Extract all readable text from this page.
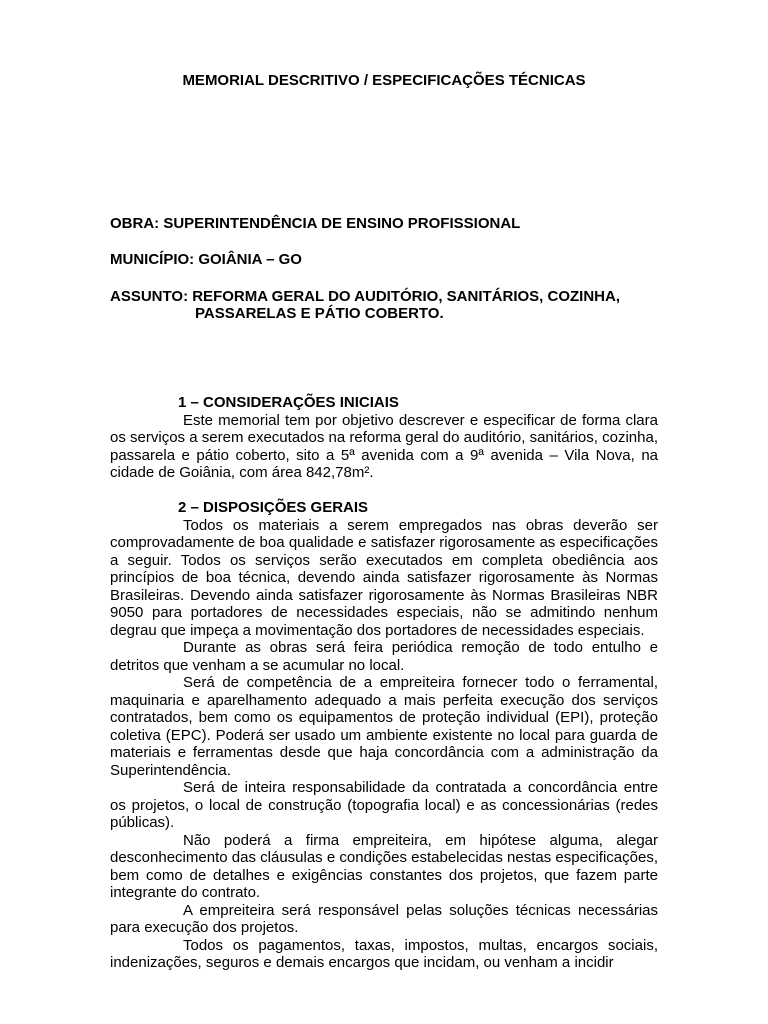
MEMORIAL DESCRITIVO / ESPECIFICAÇÕES TÉCNICAS
OBRA: SUPERINTENDÊNCIA DE ENSINO PROFISSIONAL
MUNICÍPIO: GOIÂNIA – GO
ASSUNTO: REFORMA GERAL DO AUDITÓRIO, SANITÁRIOS, COZINHA,
PASSARELAS E PÁTIO COBERTO.
1 – CONSIDERAÇÕES INICIAIS

Este memorial tem por objetivo descrever e especificar de forma clara os serviços a serem executados na reforma geral do auditório, sanitários, cozinha, passarela e pátio coberto, sito a 5ª avenida com a 9ª avenida – Vila Nova, na cidade de Goiânia, com área 842,78m².

2 – DISPOSIÇÕES GERAIS

Todos os materiais a serem empregados nas obras deverão ser comprovadamente de boa qualidade e satisfazer rigorosamente as especificações a seguir. Todos os serviços serão executados em completa obediência aos princípios de boa técnica, devendo ainda satisfazer rigorosamente às Normas Brasileiras. Devendo ainda satisfazer rigorosamente às Normas Brasileiras NBR 9050 para portadores de necessidades especiais, não se admitindo nenhum degrau que impeça a movimentação dos portadores de necessidades especiais.

Durante as obras será feira periódica remoção de todo entulho e detritos que venham a se acumular no local.

Será de competência de a empreiteira fornecer todo o ferramental, maquinaria e aparelhamento adequado a mais perfeita execução dos serviços contratados, bem como os equipamentos de proteção individual (EPI), proteção coletiva (EPC). Poderá ser usado um ambiente existente no local para guarda de materiais e ferramentas desde que haja concordância com a administração da Superintendência.

Será de inteira responsabilidade da contratada a concordância entre os projetos, o local de construção (topografia local) e as concessionárias (redes públicas).

Não poderá a firma empreiteira, em hipótese alguma, alegar desconhecimento das cláusulas e condições estabelecidas nestas especificações, bem como de detalhes e exigências constantes dos projetos, que fazem parte integrante do contrato.

A empreiteira será responsável pelas soluções técnicas necessárias para execução dos projetos.

Todos os pagamentos, taxas, impostos, multas, encargos sociais, indenizações, seguros e demais encargos que incidam, ou venham a incidir
